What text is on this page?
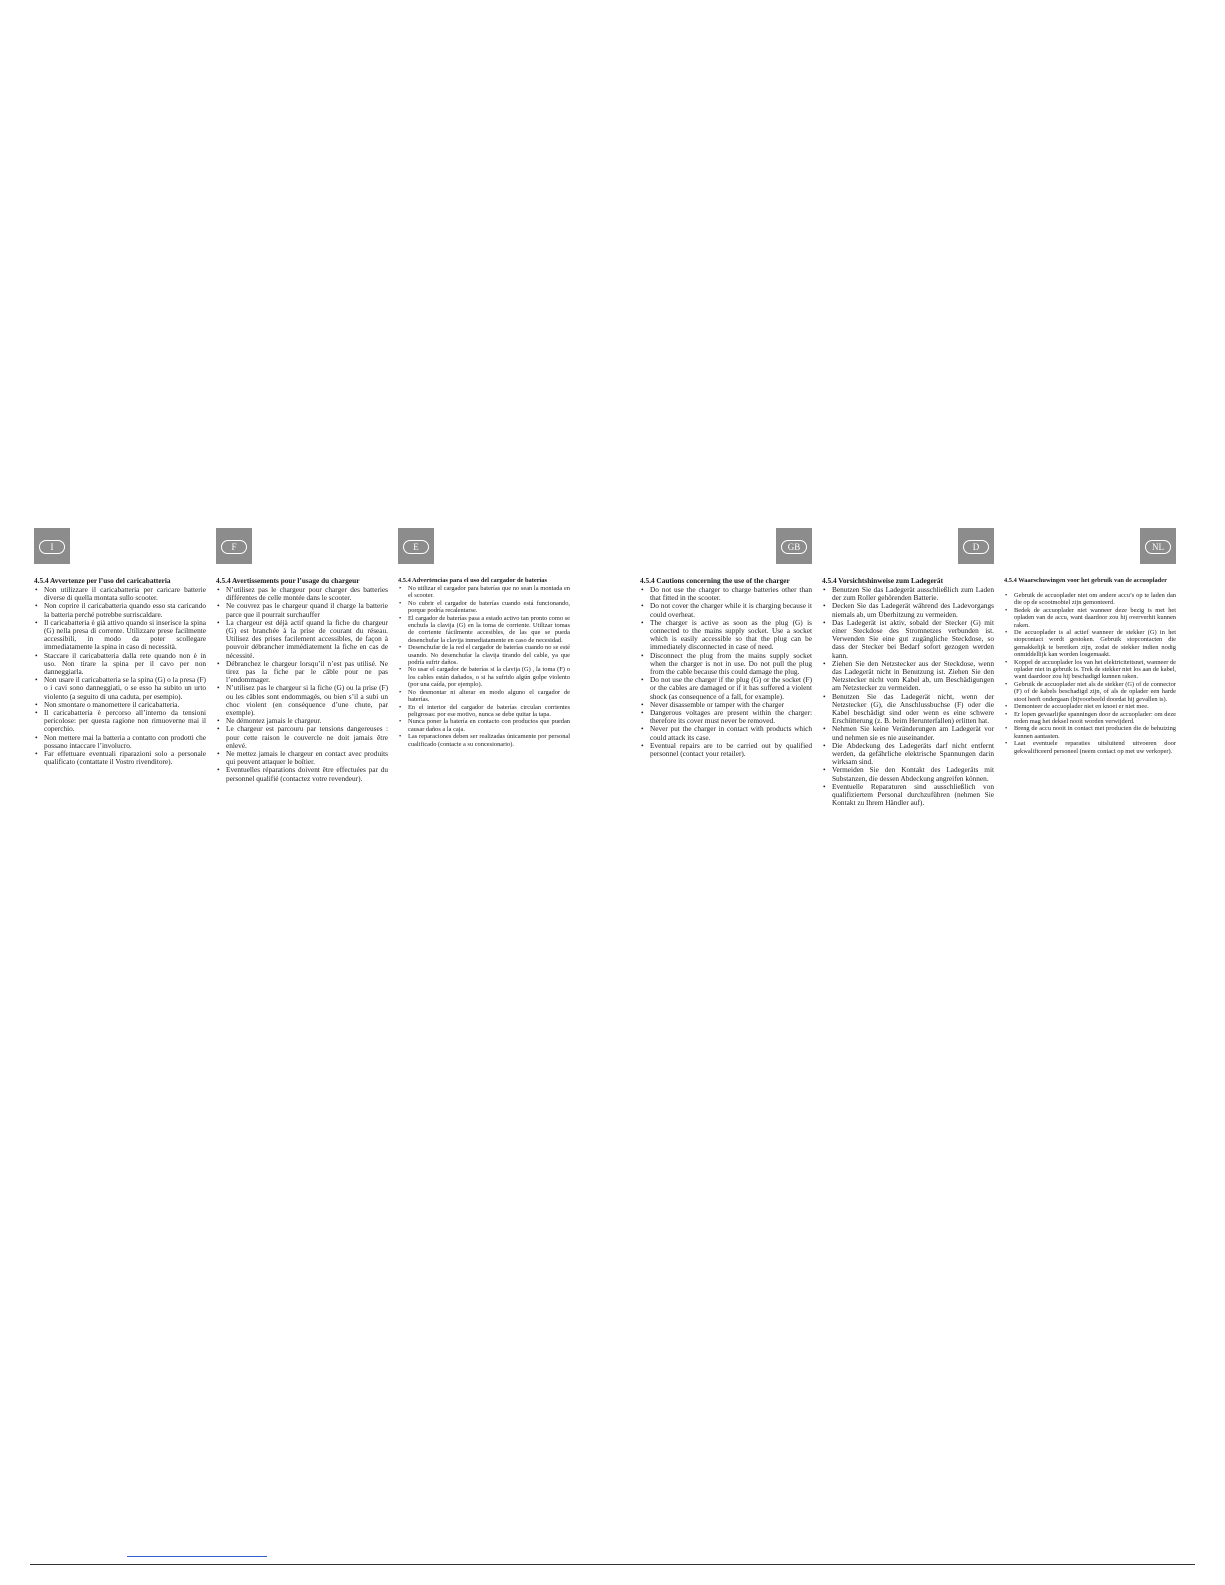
I
4.5.4 Avvertenze per l’uso del caricabatteria
• Non utilizzare il caricabatteria per caricare batterie diverse di quella montata sullo scooter.
• Non coprire il caricabatteria quando esso sta caricando la batteria perché potrebbe surriscaldare.
• Il caricabatteria è già attivo quando si inserisce la spina (G) nella presa di corrente. Utilizzare prese facilmente accessibili, in modo da poter scollegare immediatamente la spina in caso di necessità.
• Staccare il caricabatteria dalla rete quando non è in uso. Non tirare la spina per il cavo per non danneggiarla.
• Non usare il caricabatteria se la spina (G) o la presa (F) o i cavi sono danneggiati, o se esso ha subito un urto violento (a seguito di una caduta, per esempio).
• Non smontare o manomettere il caricabatteria.
• Il caricabatteria è percorso all’interno da tensioni pericolose: per questa ragione non rimuoverne mai il coperchio.
• Non mettere mai la batteria a contatto con prodotti che possano intaccare l’involucro.
• Far effettuare eventuali riparazioni solo a personale qualificato (contattate il Vostro rivenditore).
F
4.5.4 Avertissements pour l’usage du chargeur
• N’utilisez pas le chargeur pour charger des batteries différentes de celle montée dans le scooter.
• Ne couvrez pas le chargeur quand il charge la batterie parce que il pourrait surchauffer
• La chargeur est déjà actif quand la fiche du chargeur (G) est branchée à la prise de courant du réseau. Utilisez des prises facilement accessibles, de façon à pouvoir débrancher immédiatement la fiche en cas de nécessité.
• Débranchez le chargeur lorsqu’il n’est pas utilisé. Ne tirez pas la fiche par le câble pour ne pas l’endommager.
• N’utilisez pas le chargeur si la fiche (G) ou la prise (F) ou les câbles sont endommagés, ou bien s’il a subi un choc violent (en conséquence d’une chute, par exemple).
• Ne démontez jamais le chargeur.
• Le chargeur est parcouru par tensions dangereuses : pour cette raison le couvercle ne doit jamais être enlevé.
• Ne mettez jamais le chargeur en contact avec produits qui peuvent attaquer le boîtier.
• Eventuelles réparations doivent être effectuées par du personnel qualifié (contactez votre revendeur).
E
4.5.4 Advertencias para el uso del cargador de baterías
• No utilizar el cargador para baterías que no sean la montada en el scooter.
• No cubrir el cargador de baterías cuando está funcionando, porque podría recalentarse.
• El cargador de baterías pasa a estado activo tan pronto como se enchufa la clavija (G) en la toma de corriente. Utilizar tomas de corriente fácilmente accesibles, de las que se pueda desenchufar la clavija inmediatamente en caso de necesidad.
• Desenchufar de la red el cargador de baterías cuando no se esté usando. No desenchufar la clavija tirando del cable, ya que podría sufrir daños.
• No usar el cargador de baterías si la clavija (G) , la toma (F) o los cables están dañados, o si ha sufrido algún golpe violento (por una caída, por ejemplo).
• No desmontar ni alterar en modo alguno el cargador de baterías.
• En el interior del cargador de baterías circulan corrientes peligrosas: por ese motivo, nunca se debe quitar la tapa.
• Nunca poner la batería en contacto con productos que puedan causar daños a la caja.
• Las reparaciones deben ser realizadas únicamente por personal cualificado (contacte a su concesionario).
GB
4.5.4 Cautions concerning the use of the charger
• Do not use the charger to charge batteries other than that fitted in the scooter.
• Do not cover the charger while it is charging because it could overheat.
• The charger is active as soon as the plug (G) is connected to the mains supply socket. Use a socket which is easily accessible so that the plug can be immediately disconnected in case of need.
• Disconnect the plug from the mains supply socket when the charger is not in use. Do not pull the plug from the cable because this could damage the plug.
• Do not use the charger if the plug (G) or the socket (F) or the cables are damaged or if it has suffered a violent shock (as consequence of a fall, for example).
• Never disassemble or tamper with the charger
• Dangerous voltages are present within the charger: therefore its cover must never be removed.
• Never put the charger in contact with products which could attack its case.
• Eventual repairs are to be carried out by qualified personnel (contact your retailer).
D
4.5.4 Vorsichtshinweise zum Ladegerät
• Benutzen Sie das Ladegerät ausschließlich zum Laden der zum Roller gehörenden Batterie.
• Decken Sie das Ladegerät während des Ladevorgangs niemals ab, um Überhitzung zu vermeiden.
• Das Ladegerät ist aktiv, sobald der Stecker (G) mit einer Steckdose des Stromnetzes verbunden ist. Verwenden Sie eine gut zugängliche Steckdose, so dass der Stecker bei Bedarf sofort gezogen werden kann.
• Ziehen Sie den Netzstecker aus der Steckdose, wenn das Ladegerät nicht in Benutzung ist. Ziehen Sie den Netzstecker nicht vom Kabel ab, um Beschädigungen am Netzstecker zu vermeiden.
• Benutzen Sie das Ladegerät nicht, wenn der Netzstecker (G), die Anschlussbuchse (F) oder die Kabel beschädigt sind oder wenn es eine schwere Erschütterung (z. B. beim Herunterfallen) erlitten hat.
• Nehmen Sie keine Veränderungen am Ladegerät vor und nehmen sie es nie auseinander.
• Die Abdeckung des Ladegeräts darf nicht entfernt werden, da gefährliche elektrische Spannungen darin wirksam sind.
• Vermeiden Sie den Kontakt des Ladegeräts mit Substanzen, die dessen Abdeckung angreifen können.
• Eventuelle Reparaturen sind ausschließlich von qualifiziertem Personal durchzuführen (nehmen Sie Kontakt zu Ihrem Händler auf).
NL
4.5.4 Waarschuwingen voor het gebruik van de accuoplader
• Gebruik de accuoplader niet om andere accu’s op te laden dan die op de scootmobiel zijn gemonteerd.
• Bedek de accuoplader niet wanneer deze bezig is met het opladen van de accu, want daardoor zou hij oververhit kunnen raken.
• De accuoplader is al actief wanneer de stekker (G) in het stopcontact wordt gestoken. Gebruik stopcontacten die gemakkelijk te bereiken zijn, zodat de stekker indien nodig onmiddellijk kan worden losgemaakt.
• Koppel de accuoplader los van het elektriciteitsnet, wanneer de oplader niet in gebruik is. Trek de stekker niet los aan de kabel, want daardoor zou hij beschadigd kunnen raken.
• Gebruik de accuoplader niet als de stekker (G) of de connector (F) of de kabels beschadigd zijn, of als de oplader een harde stoot heeft ondergaan (bijvoorbeeld doordat hij gevallen is).
• Demonteer de accuoplader niet en knoei er niet mee.
• Er lopen gevaarlijke spanningen door de accuoplader: om deze reden mag het deksel nooit worden verwijderd.
• Breng de accu nooit in contact met producten die de behuizing kunnen aantasten.
• Laat eventuele reparaties uitsluitend uitvoeren door gekwalificeerd personeel (neem contact op met uw verkoper).
